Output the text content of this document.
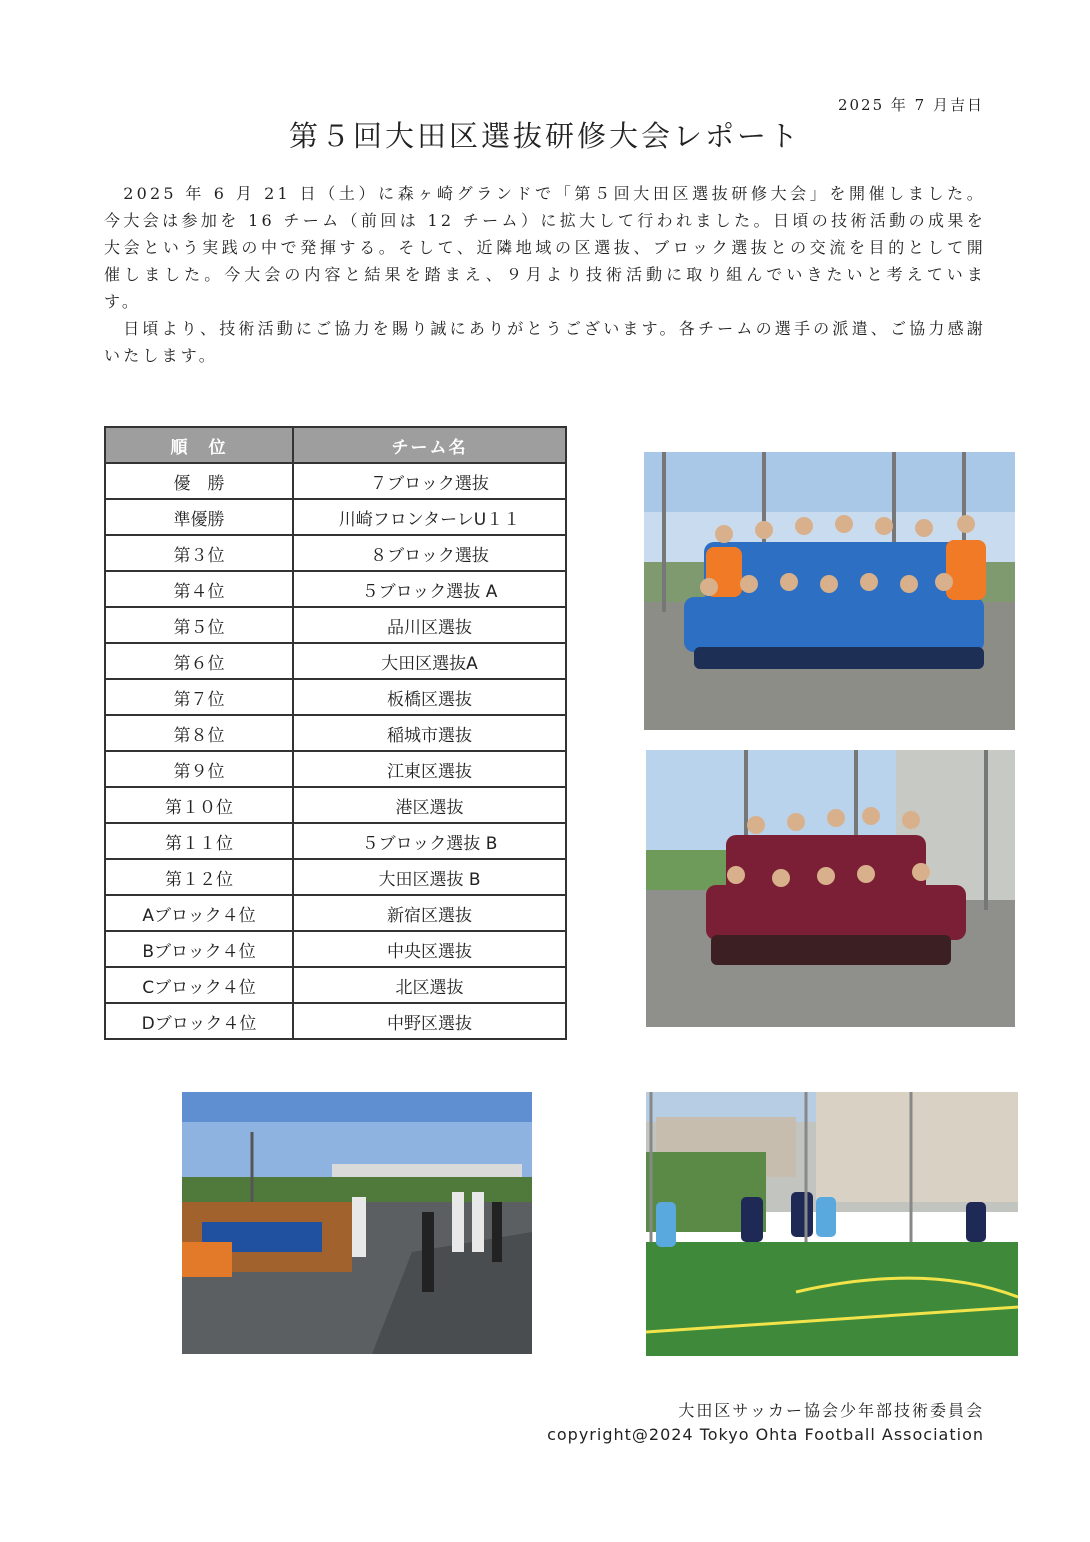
2025 年 7 月吉日
第５回大田区選抜研修大会レポート

2025 年 6 月 21 日（土）に森ヶ崎グランドで「第５回大田区選抜研修大会」を開催しました。今大会は参加を 16 チーム（前回は 12 チーム）に拡大して行われました。日頃の技術活動の成果を大会という実践の中で発揮する。そして、近隣地域の区選抜、ブロック選抜との交流を目的として開催しました。今大会の内容と結果を踏まえ、９月より技術活動に取り組んでいきたいと考えています。

日頃より、技術活動にご協力を賜り誠にありがとうございます。各チームの選手の派遣、ご協力感謝いたします。

順　位	チーム名
優　勝	７ブロック選抜
準優勝	川崎フロンターレU１１
第３位	８ブロック選抜
第４位	５ブロック選抜 A
第５位	品川区選抜
第６位	大田区選抜A
第７位	板橋区選抜
第８位	稲城市選抜
第９位	江東区選抜
第１０位	港区選抜
第１１位	５ブロック選抜 B
第１２位	大田区選抜 B
Aブロック４位	新宿区選抜
Bブロック４位	中央区選抜
Cブロック４位	北区選抜
Dブロック４位	中野区選抜
大田区サッカー協会少年部技術委員会
copyright@2024 Tokyo Ohta Football Association
